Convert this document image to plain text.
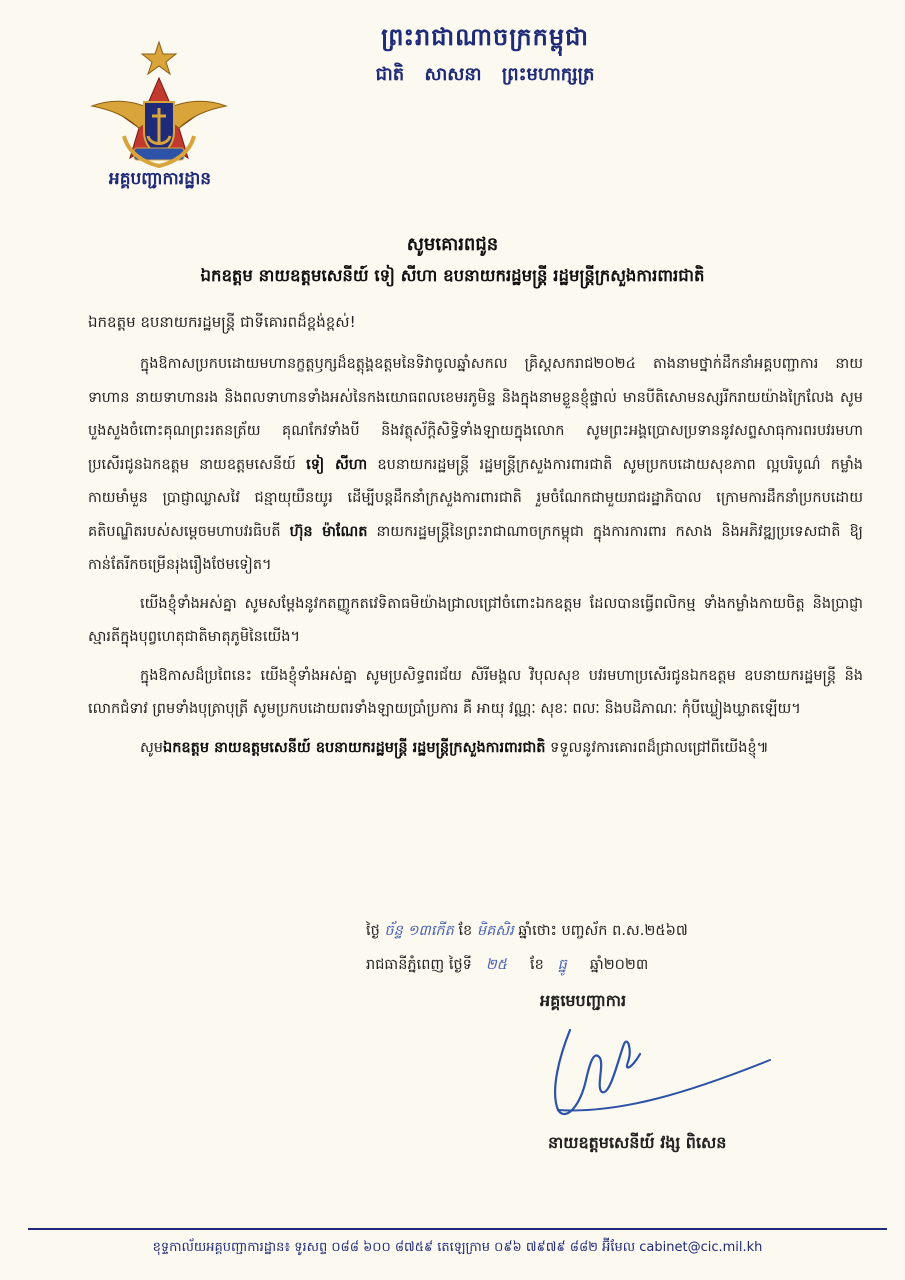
អគ្គបញ្ជាការដ្ឋាន
ព្រះរាជាណាចក្រកម្ពុជា
ជាតិ សាសនា ព្រះមហាក្សត្រ
សូមគោរពជូន
ឯកឧត្តម នាយឧត្តមសេនីយ៍ ទៀ សីហា ឧបនាយករដ្ឋមន្ត្រី រដ្ឋមន្ត្រីក្រសួងការពារជាតិ
ឯកឧត្តម ឧបនាយករដ្ឋមន្ត្រី ជាទីគោរពដ៏ខ្ពង់ខ្ពស់!

ក្នុងឱកាសប្រកបដោយមហានក្ខត្តឫក្សដ៏ឧត្តុង្គឧត្តមនៃទិវាចូលឆ្នាំសកល គ្រិស្តសករាជ២០២៤ តាងនាមថ្នាក់ដឹកនាំអគ្គបញ្ជាការ នាយទាហាន នាយទាហានរង និងពលទាហានទាំងអស់នៃកងយោធពលខេមរភូមិន្ទ និងក្នុងនាមខ្លួនខ្ញុំផ្ទាល់ មានបីតិសោមនស្សរីករាយយ៉ាងក្រៃលែង សូមបួងសួងចំពោះគុណព្រះរតនត្រ័យ គុណកែវទាំងបី និងវត្ថុស័ក្តិសិទ្ធិទាំងឡាយក្នុងលោក សូមព្រះអង្គប្រោសប្រទាននូវសព្ទសាធុការពរបវរមហាប្រសើរជូនឯកឧត្តម នាយឧត្តមសេនីយ៍ ទៀ សីហា ឧបនាយករដ្ឋមន្ត្រី រដ្ឋមន្ត្រីក្រសួងការពារជាតិ សូមប្រកបដោយសុខភាព ល្អបរិបូណ៌ កម្លាំងកាយមាំមួន ប្រាជ្ញាឈ្លាសវៃ ជន្មាយុយឺនយូរ ដើម្បីបន្តដឹកនាំក្រសួងការពារជាតិ រួមចំណែកជាមួយរាជរដ្ឋាភិបាល ក្រោមការដឹកនាំប្រកបដោយគតិបណ្ឌិតរបស់សម្តេចមហាបវរធិបតី ហ៊ុន ម៉ាណែត នាយករដ្ឋមន្ត្រីនៃព្រះរាជាណាចក្រកម្ពុជា ក្នុងការការពារ កសាង និងអភិវឌ្ឍប្រទេសជាតិ ឱ្យកាន់តែរីកចម្រើនរុងរឿងថែមទៀត។

យើងខ្ញុំទាំងអស់គ្នា សូមសម្តែងនូវកតញ្ញូកតវេទិតាធមិយ៉ាងជ្រាលជ្រៅចំពោះឯកឧត្តម ដែលបានធ្វើពលិកម្ម ទាំងកម្លាំងកាយចិត្ត និងប្រាជ្ញាស្មារតីក្នុងបុព្វហេតុជាតិមាតុភូមិនៃយើង។

ក្នុងឱកាសដ៏ប្រពៃនេះ យើងខ្ញុំទាំងអស់គ្នា សូមប្រសិទ្ធពរជ័យ សិរីមង្គល វិបុលសុខ បវរមហាប្រសើរជូនឯកឧត្តម ឧបនាយករដ្ឋមន្ត្រី និងលោកជំទាវ ព្រមទាំងបុត្រាបុត្រី សូមប្រកបដោយពរទាំងឡាយប្រាំប្រការ គឺ អាយុ វណ្ណៈ សុខៈ ពលៈ និងបដិភាណៈ កុំបីឃ្លៀងឃ្លាតឡើយ។

សូមឯកឧត្តម នាយឧត្តមសេនីយ៍ ឧបនាយករដ្ឋមន្ត្រី រដ្ឋមន្ត្រីក្រសួងការពារជាតិ ទទួលនូវការគោរពដ៏ជ្រាលជ្រៅពីយើងខ្ញុំ៕

ថ្ងៃ ច័ន្ទ ១៣កើត ខែ មិគសិរ ឆ្នាំថោះ បញ្ចស័ក ព.ស.២៥៦៧
រាជធានីភ្នំពេញ ថ្ងៃទី ២៥ ខែ ធ្នូ ឆ្នាំ២០២៣
អគ្គមេបញ្ជាការ
នាយឧត្តមសេនីយ៍ វង្ស ពិសេន
ខុទ្ទកាល័យអគ្គបញ្ជាការដ្ឋាន៖ ទូរសព្ទ ០៨៨ ៦០០ ៨៧៥៩ តេឡេក្រាម ០៩៦ ៧៩៧៩ ៨៨២ អ៊ីមែល cabinet@cic.mil.kh
